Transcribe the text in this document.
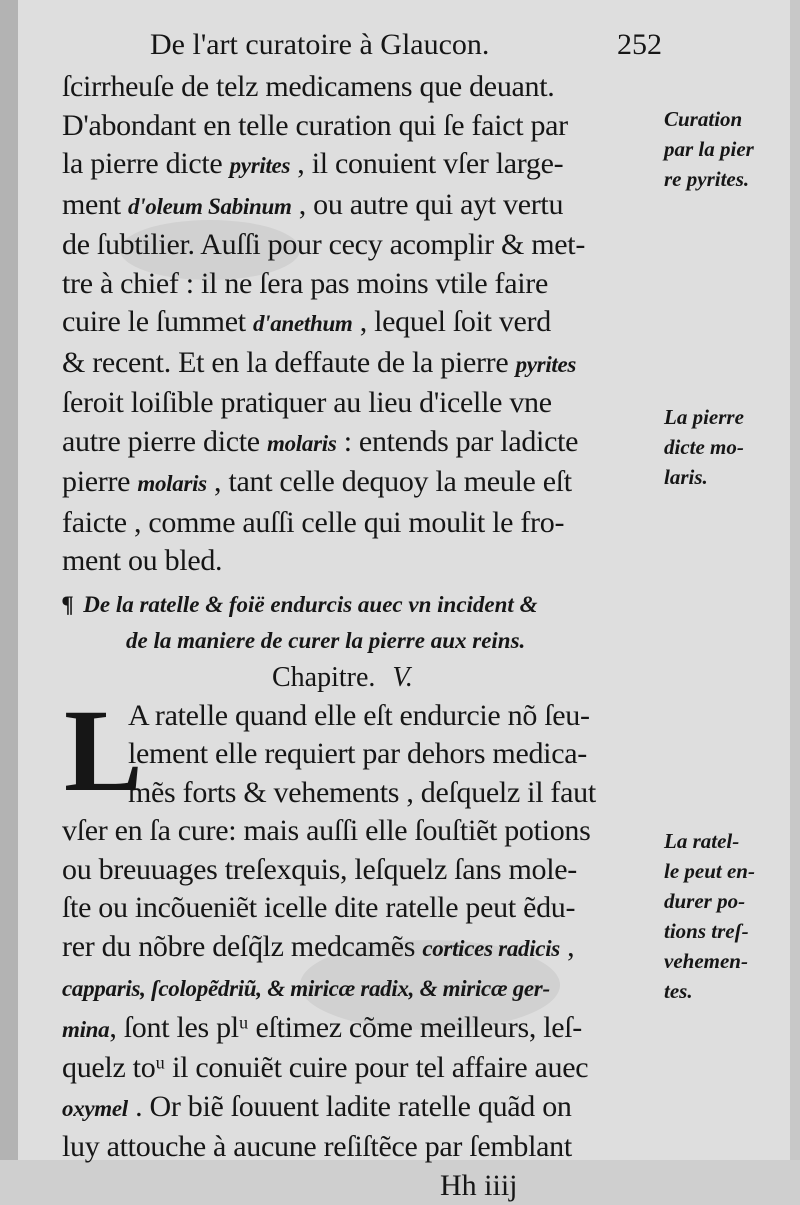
De l'art curatoire à Glaucon.	252
ſcirrheuſe de telz medicamens que deuant.
D'abondant en telle curation qui ſe faict par
la pierre dicte pyrites , il conuient vſer large-
ment d'oleum Sabinum , ou autre qui ayt vertu
de ſubtilier. Auſſi pour cecy acomplir & met-
tre à chief : il ne ſera pas moins vtile faire
cuire le ſummet d'anethum , lequel ſoit verd
& recent. Et en la deffaute de la pierre pyrites
ſeroit loiſible pratiquer au lieu d'icelle vne
autre pierre dicte molaris : entends par ladicte
pierre molaris , tant celle dequoy la meule eſt
faicte , comme auſſi celle qui moulit le fro-
ment ou bled.
¶ De la ratelle & foië endurcis auec vn incident &
de la maniere de curer la pierre aux reins.
Chapitre. V.
L
A ratelle quand elle eſt endurcie nõ ſeu-
lement elle requiert par dehors medica-
mẽs forts & vehements , deſquelz il faut
vſer en ſa cure: mais auſſi elle ſouſtiẽt potions
ou breuuages treſexquis, leſquelz ſans mole-
ſte ou incõueniẽt icelle dite ratelle peut ẽdu-
rer du nõbre deſq̃lz medcamẽs cortices radicis ,
capparis, ſcolopẽdriũ, & miricæ radix, & miricæ ger-
mina, ſont les plᵘ eſtimez cõme meilleurs, leſ-
quelz toᵘ il conuiẽt cuire pour tel affaire auec
oxymel . Or biẽ ſouuent ladite ratelle quãd on
luy attouche à aucune reſiſtẽce par ſemblant
Hh iiij
Curation
par la pier
re pyrites.
La pierre
dicte mo-
laris.
La ratel-
le peut en-
durer po-
tions treſ-
vehemen-
tes.
